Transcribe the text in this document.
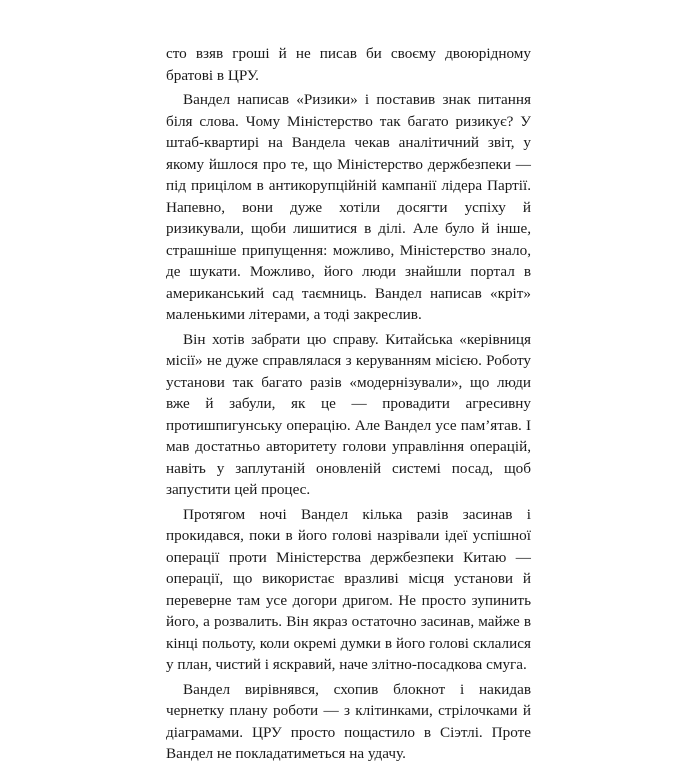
сто взяв гроші й не писав би своєму двоюрідному братові в ЦРУ.

Вандел написав «Ризики» і поставив знак питання біля слова. Чому Міністерство так багато ризикує? У штаб-квартирі на Вандела чекав аналітичний звіт, у якому йшлося про те, що Міністерство держбезпеки — під прицілом в антикорупційній кампанії лідера Партії. Напевно, вони дуже хотіли досягти успіху й ризикували, щоби лишитися в ділі. Але було й інше, страшніше припущення: можливо, Міністерство знало, де шукати. Можливо, його люди знайшли портал в американський сад таємниць. Вандел написав «кріт» маленькими літерами, а тоді закреслив.

Він хотів забрати цю справу. Китайська «керівниця місії» не дуже справлялася з керуванням місією. Роботу установи так багато разів «модернізували», що люди вже й забули, як це — провадити агресивну протишпигунську операцію. Але Вандел усе пам’ятав. І мав достатньо авторитету голови управління операцій, навіть у заплутаній оновленій системі посад, щоб запустити цей процес.

Протягом ночі Вандел кілька разів засинав і прокидався, поки в його голові назрівали ідеї успішної операції проти Міністерства держбезпеки Китаю — операції, що використає вразливі місця установи й переверне там усе догори дригом. Не просто зупинить його, а розвалить. Він якраз остаточно засинав, майже в кінці польоту, коли окремі думки в його голові склалися у план, чистий і яскравий, наче злітно-посадкова смуга.

Вандел вирівнявся, схопив блокнот і накидав чернетку плану роботи — з клітинками, стрілочками й діаграмами. ЦРУ просто пощастило в Сіэтлі. Проте Вандел не покладатиметься на удачу.
